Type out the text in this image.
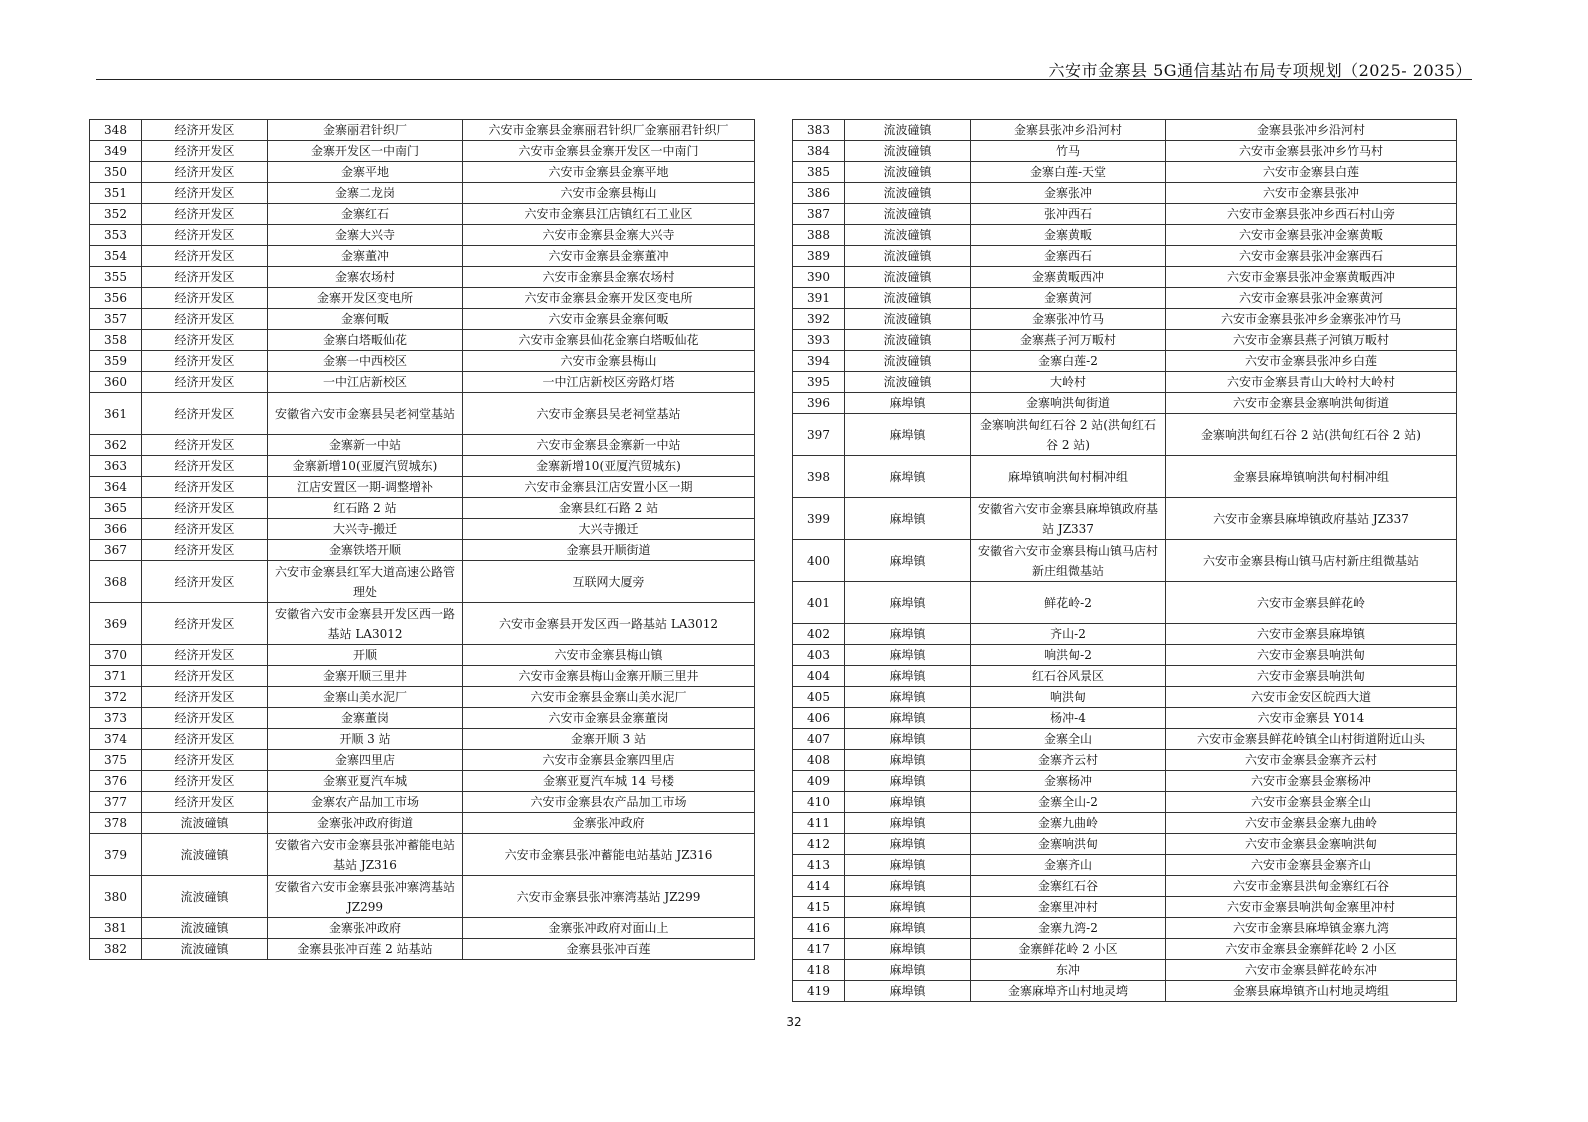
六安市金寨县 5G通信基站布局专项规划（2025- 2035）
348	经济开发区	金寨丽君针织厂	六安市金寨县金寨丽君针织厂金寨丽君针织厂
349	经济开发区	金寨开发区一中南门	六安市金寨县金寨开发区一中南门
350	经济开发区	金寨平地	六安市金寨县金寨平地
351	经济开发区	金寨二龙岗	六安市金寨县梅山
352	经济开发区	金寨红石	六安市金寨县江店镇红石工业区
353	经济开发区	金寨大兴寺	六安市金寨县金寨大兴寺
354	经济开发区	金寨董冲	六安市金寨县金寨董冲
355	经济开发区	金寨农场村	六安市金寨县金寨农场村
356	经济开发区	金寨开发区变电所	六安市金寨县金寨开发区变电所
357	经济开发区	金寨何畈	六安市金寨县金寨何畈
358	经济开发区	金寨白塔畈仙花	六安市金寨县仙花金寨白塔畈仙花
359	经济开发区	金寨一中西校区	六安市金寨县梅山
360	经济开发区	一中江店新校区	一中江店新校区旁路灯塔
361	经济开发区	安徽省六安市金寨县吴老祠堂基站	六安市金寨县吴老祠堂基站
362	经济开发区	金寨新一中站	六安市金寨县金寨新一中站
363	经济开发区	金寨新增10(亚厦汽贸城东)	金寨新增10(亚厦汽贸城东)
364	经济开发区	江店安置区一期-调整增补	六安市金寨县江店安置小区一期
365	经济开发区	红石路 2 站	金寨县红石路 2 站
366	经济开发区	大兴寺-搬迁	大兴寺搬迁
367	经济开发区	金寨铁塔开顺	金寨县开顺街道
368	经济开发区	六安市金寨县红军大道高速公路管理处	互联网大厦旁
369	经济开发区	安徽省六安市金寨县开发区西一路基站 LA3012	六安市金寨县开发区西一路基站 LA3012
370	经济开发区	开顺	六安市金寨县梅山镇
371	经济开发区	金寨开顺三里井	六安市金寨县梅山金寨开顺三里井
372	经济开发区	金寨山美水泥厂	六安市金寨县金寨山美水泥厂
373	经济开发区	金寨董岗	六安市金寨县金寨董岗
374	经济开发区	开顺 3 站	金寨开顺 3 站
375	经济开发区	金寨四里店	六安市金寨县金寨四里店
376	经济开发区	金寨亚夏汽车城	金寨亚夏汽车城 14 号楼
377	经济开发区	金寨农产品加工市场	六安市金寨县农产品加工市场
378	流波䃥镇	金寨张冲政府街道	金寨张冲政府
379	流波䃥镇	安徽省六安市金寨县张冲蓄能电站基站 JZ316	六安市金寨县张冲蓄能电站基站 JZ316
380	流波䃥镇	安徽省六安市金寨县张冲寨湾基站 JZ299	六安市金寨县张冲寨湾基站 JZ299
381	流波䃥镇	金寨张冲政府	金寨张冲政府对面山上
382	流波䃥镇	金寨县张冲百莲 2 站基站	金寨县张冲百莲
383	流波䃥镇	金寨县张冲乡沿河村	金寨县张冲乡沿河村
384	流波䃥镇	竹马	六安市金寨县张冲乡竹马村
385	流波䃥镇	金寨白莲-天堂	六安市金寨县白莲
386	流波䃥镇	金寨张冲	六安市金寨县张冲
387	流波䃥镇	张冲西石	六安市金寨县张冲乡西石村山旁
388	流波䃥镇	金寨黄畈	六安市金寨县张冲金寨黄畈
389	流波䃥镇	金寨西石	六安市金寨县张冲金寨西石
390	流波䃥镇	金寨黄畈西冲	六安市金寨县张冲金寨黄畈西冲
391	流波䃥镇	金寨黄河	六安市金寨县张冲金寨黄河
392	流波䃥镇	金寨张冲竹马	六安市金寨县张冲乡金寨张冲竹马
393	流波䃥镇	金寨燕子河万畈村	六安市金寨县燕子河镇万畈村
394	流波䃥镇	金寨白莲-2	六安市金寨县张冲乡白莲
395	流波䃥镇	大岭村	六安市金寨县青山大岭村大岭村
396	麻埠镇	金寨响洪甸街道	六安市金寨县金寨响洪甸街道
397	麻埠镇	金寨响洪甸红石谷 2 站(洪甸红石谷 2 站)	金寨响洪甸红石谷 2 站(洪甸红石谷 2 站)
398	麻埠镇	麻埠镇响洪甸村桐冲组	金寨县麻埠镇响洪甸村桐冲组
399	麻埠镇	安徽省六安市金寨县麻埠镇政府基站 JZ337	六安市金寨县麻埠镇政府基站 JZ337
400	麻埠镇	安徽省六安市金寨县梅山镇马店村新庄组微基站	六安市金寨县梅山镇马店村新庄组微基站
401	麻埠镇	鲜花岭-2	六安市金寨县鲜花岭
402	麻埠镇	齐山-2	六安市金寨县麻埠镇
403	麻埠镇	响洪甸-2	六安市金寨县响洪甸
404	麻埠镇	红石谷风景区	六安市金寨县响洪甸
405	麻埠镇	响洪甸	六安市金安区皖西大道
406	麻埠镇	杨冲-4	六安市金寨县 Y014
407	麻埠镇	金寨全山	六安市金寨县鲜花岭镇全山村街道附近山头
408	麻埠镇	金寨齐云村	六安市金寨县金寨齐云村
409	麻埠镇	金寨杨冲	六安市金寨县金寨杨冲
410	麻埠镇	金寨全山-2	六安市金寨县金寨全山
411	麻埠镇	金寨九曲岭	六安市金寨县金寨九曲岭
412	麻埠镇	金寨响洪甸	六安市金寨县金寨响洪甸
413	麻埠镇	金寨齐山	六安市金寨县金寨齐山
414	麻埠镇	金寨红石谷	六安市金寨县洪甸金寨红石谷
415	麻埠镇	金寨里冲村	六安市金寨县响洪甸金寨里冲村
416	麻埠镇	金寨九湾-2	六安市金寨县麻埠镇金寨九湾
417	麻埠镇	金寨鲜花岭 2 小区	六安市金寨县金寨鲜花岭 2 小区
418	麻埠镇	东冲	六安市金寨县鲜花岭东冲
419	麻埠镇	金寨麻埠齐山村地灵塆	金寨县麻埠镇齐山村地灵塆组
32
